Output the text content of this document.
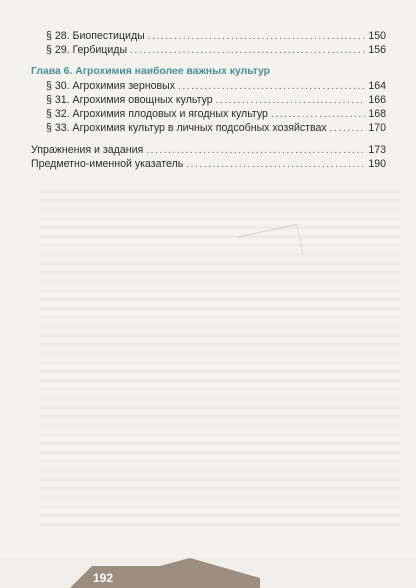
§ 28. Биопестициды .....	150
§ 29. Гербициды .....	156
Глава 6. Агрохимия наиболее важных культур
§ 30. Агрохимия зерновых .....	164
§ 31. Агрохимия овощных культур .....	166
§ 32. Агрохимия плодовых и ягодных культур .....	168
§ 33. Агрохимия культур в личных подсобных хозяйствах .....	170
Упражнения и задания .....	173
Предметно-именной указатель .....	190
192
